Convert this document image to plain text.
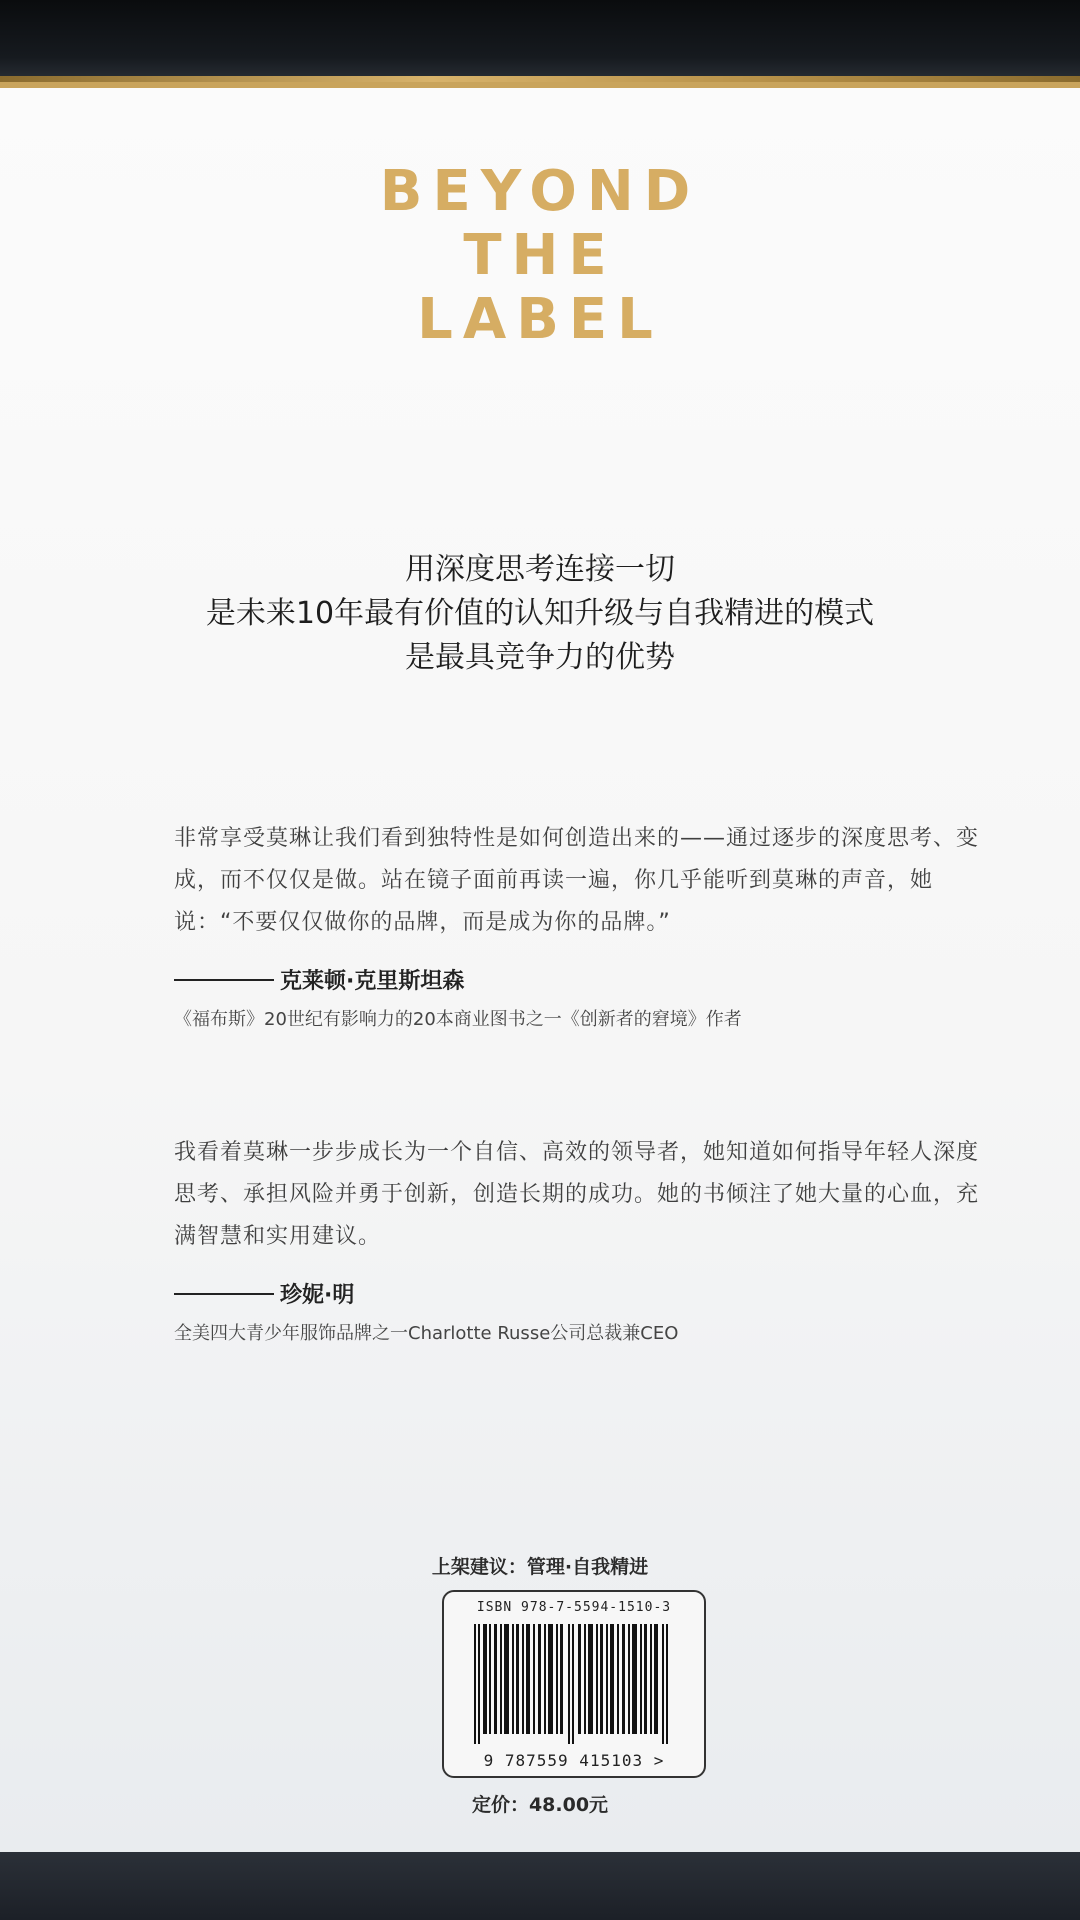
BEYOND
THE
LABEL
用深度思考连接一切
是未来10年最有价值的认知升级与自我精进的模式
是最具竞争力的优势

非常享受莫琳让我们看到独特性是如何创造出来的——通过逐步的深度思考、变成，而不仅仅是做。站在镜子面前再读一遍，你几乎能听到莫琳的声音，她说：“不要仅仅做你的品牌，而是成为你的品牌。”

克莱顿·克里斯坦森
《福布斯》20世纪有影响力的20本商业图书之一《创新者的窘境》作者

我看着莫琳一步步成长为一个自信、高效的领导者，她知道如何指导年轻人深度思考、承担风险并勇于创新，创造长期的成功。她的书倾注了她大量的心血，充满智慧和实用建议。

珍妮·明
全美四大青少年服饰品牌之一Charlotte Russe公司总裁兼CEO
上架建议：管理·自我精进
ISBN 978-7-5594-1510-3
9 787559 415103 >
定价：48.00元
